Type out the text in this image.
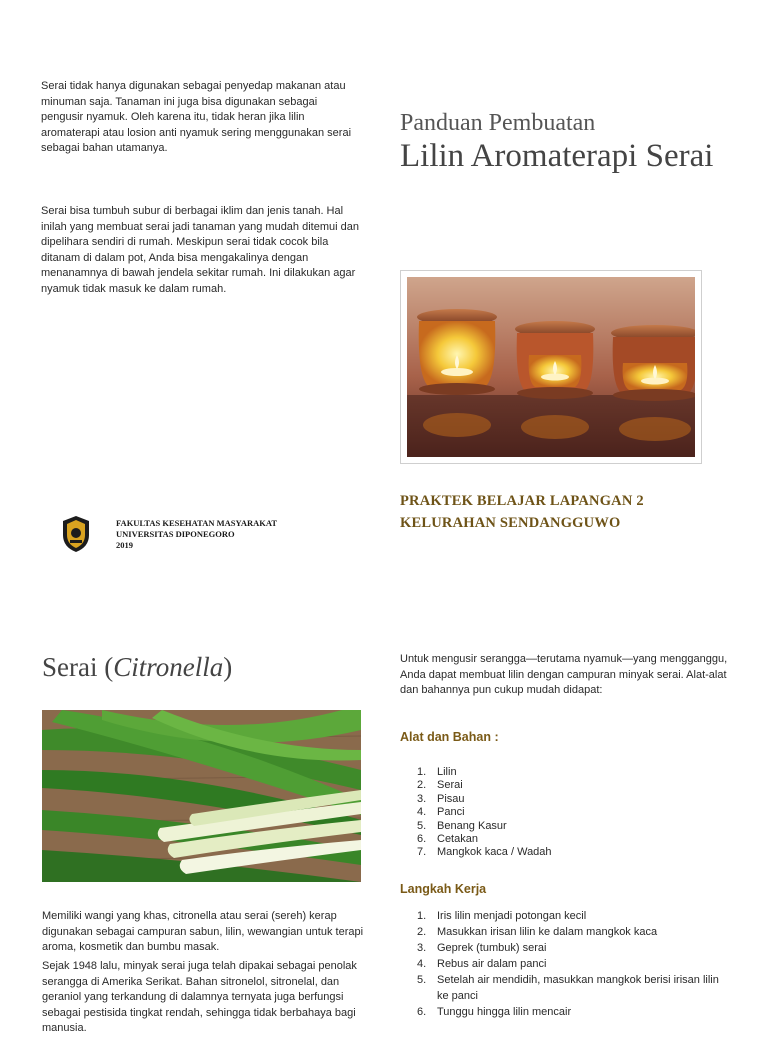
Serai tidak hanya digunakan sebagai penyedap makanan atau minuman saja. Tanaman ini juga bisa digunakan sebagai pengusir nyamuk. Oleh karena itu, tidak heran jika lilin aromaterapi atau losion anti nyamuk sering menggunakan serai sebagai bahan utamanya.
Serai bisa tumbuh subur di berbagai iklim dan jenis tanah. Hal inilah yang membuat serai jadi tanaman yang mudah ditemui dan dipelihara sendiri di rumah. Meskipun serai tidak cocok bila ditanam di dalam pot, Anda bisa mengakalinya dengan menanamnya di bawah jendela sekitar rumah. Ini dilakukan agar nyamuk tidak masuk ke dalam rumah.
Panduan Pembuatan
Lilin Aromaterapi Serai
PRAKTEK BELAJAR LAPANGAN 2
KELURAHAN SENDANGGUWO
FAKULTAS KESEHATAN MASYARAKAT
UNIVERSITAS DIPONEGORO
2019
Serai (Citronella)
Memiliki wangi yang khas, citronella atau serai (sereh) kerap digunakan sebagai campuran sabun, lilin, wewangian untuk terapi aroma, kosmetik dan bumbu masak.
Sejak 1948 lalu, minyak serai juga telah dipakai sebagai penolak serangga di Amerika Serikat. Bahan sitronelol, sitronelal, dan geraniol yang terkandung di dalamnya ternyata juga berfungsi sebagai pestisida tingkat rendah, sehingga tidak berbahaya bagi manusia.
Untuk mengusir serangga—terutama nyamuk—yang mengganggu, Anda dapat membuat lilin dengan campuran minyak serai. Alat-alat dan bahannya pun cukup mudah didapat:
Alat dan Bahan :
1. Lilin
2. Serai
3. Pisau
4. Panci
5. Benang Kasur
6. Cetakan
7. Mangkok kaca / Wadah
Langkah Kerja
1. Iris lilin menjadi potongan kecil
2. Masukkan irisan lilin ke dalam mangkok kaca
3. Geprek (tumbuk) serai
4. Rebus air dalam panci
5. Setelah air mendidih, masukkan mangkok berisi irisan lilin ke panci
6. Tunggu hingga lilin mencair
